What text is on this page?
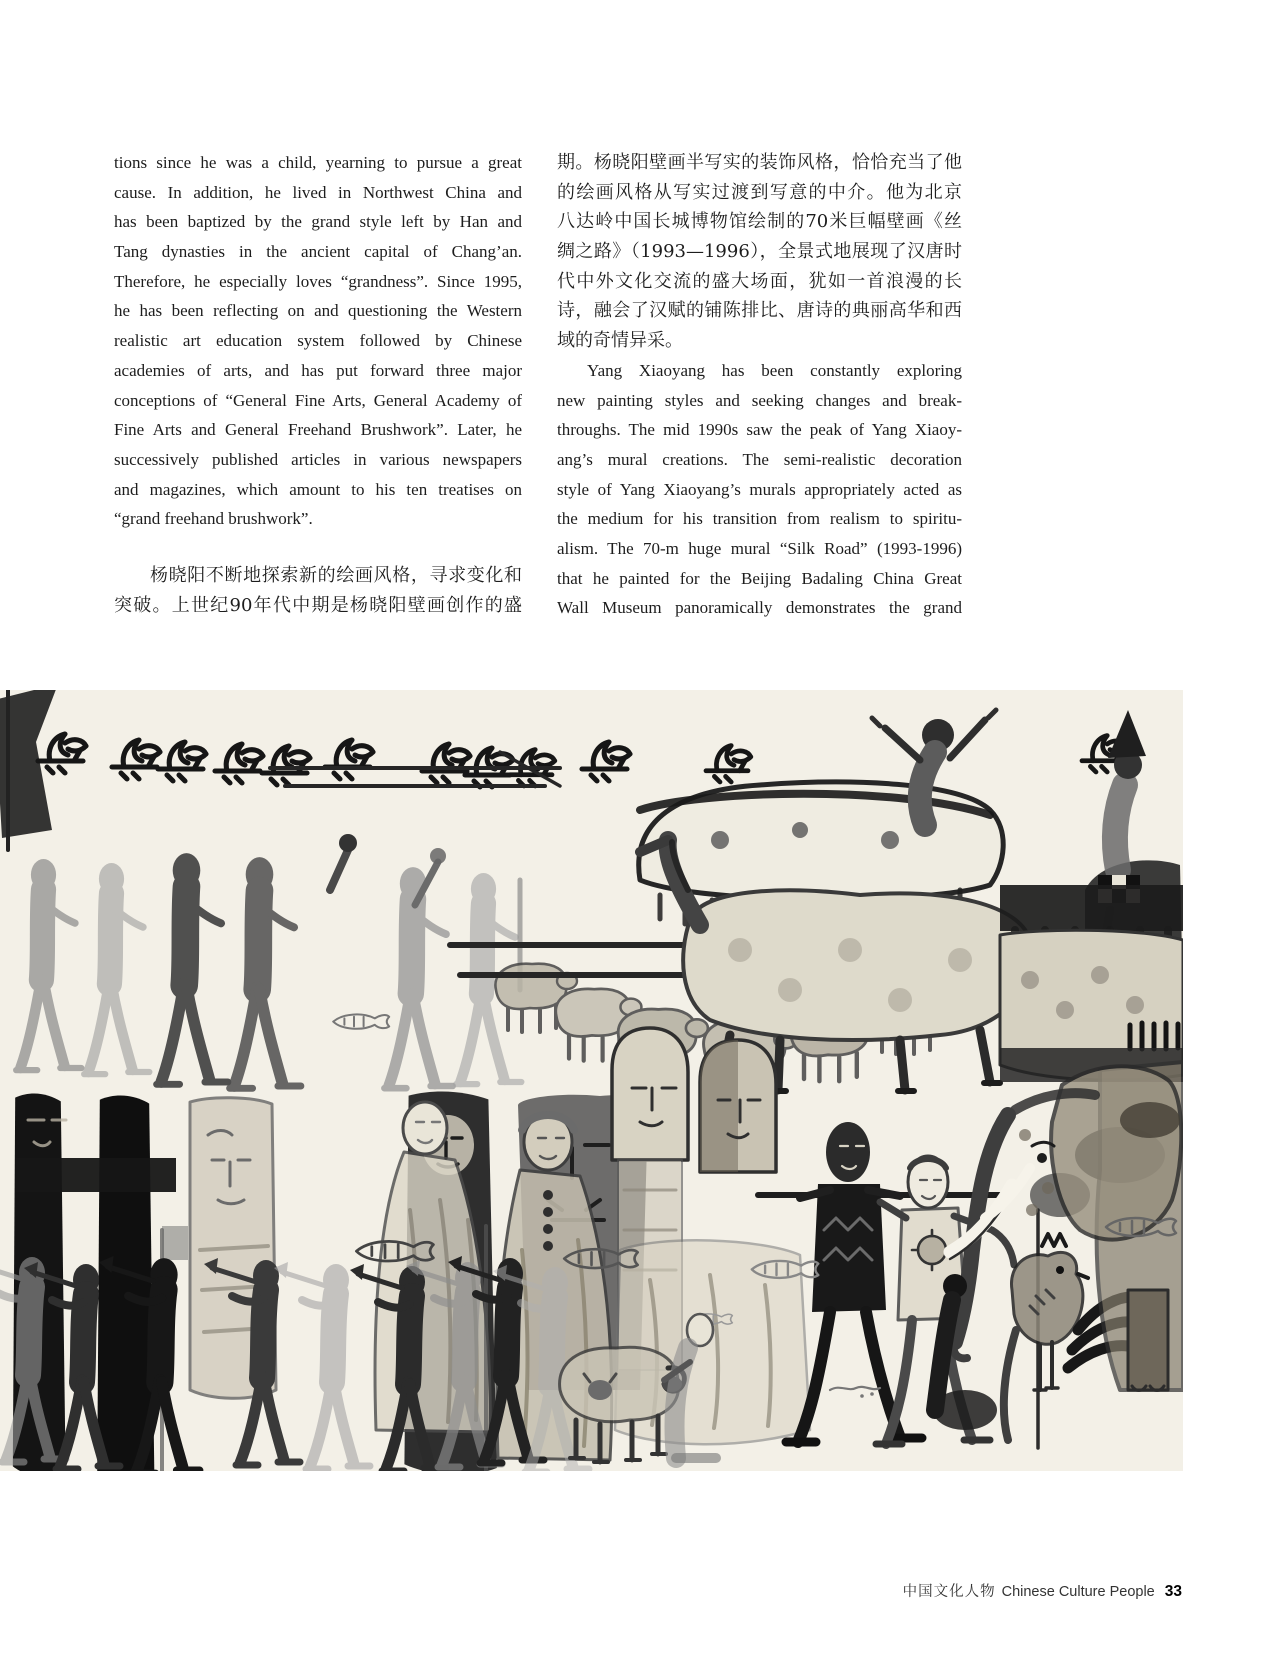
tions since he was a child, yearning to pursue a great
cause. In addition, he lived in Northwest China and
has been baptized by the grand style left by Han and
Tang dynasties in the ancient capital of Chang’an.
Therefore, he especially loves “grandness”. Since 1995,
he has been reflecting on and questioning the Western
realistic art education system followed by Chinese
academies of arts, and has put forward three major
conceptions of “General Fine Arts, General Academy of
Fine Arts and General Freehand Brushwork”. Later, he
successively published articles in various newspapers
and magazines, which amount to his ten treatises on
“grand freehand brushwork”.
杨晓阳不断地探索新的绘画风格，寻求变化和
突破。上世纪90年代中期是杨晓阳壁画创作的盛
期。杨晓阳壁画半写实的装饰风格，恰恰充当了他
的绘画风格从写实过渡到写意的中介。他为北京
八达岭中国长城博物馆绘制的70米巨幅壁画《丝
绸之路》（1993—1996），全景式地展现了汉唐时
代中外文化交流的盛大场面，犹如一首浪漫的长
诗，融会了汉赋的铺陈排比、唐诗的典丽高华和西
域的奇情异采。
Yang Xiaoyang has been constantly exploring
new painting styles and seeking changes and break-
throughs. The mid 1990s saw the peak of Yang Xiaoy-
ang’s mural creations. The semi-realistic decoration
style of Yang Xiaoyang’s murals appropriately acted as
the medium for his transition from realism to spiritu-
alism. The 70-m huge mural “Silk Road” (1993-1996)
that he painted for the Beijing Badaling China Great
Wall Museum panoramically demonstrates the grand
中国文化人物 Chinese Culture People 33
